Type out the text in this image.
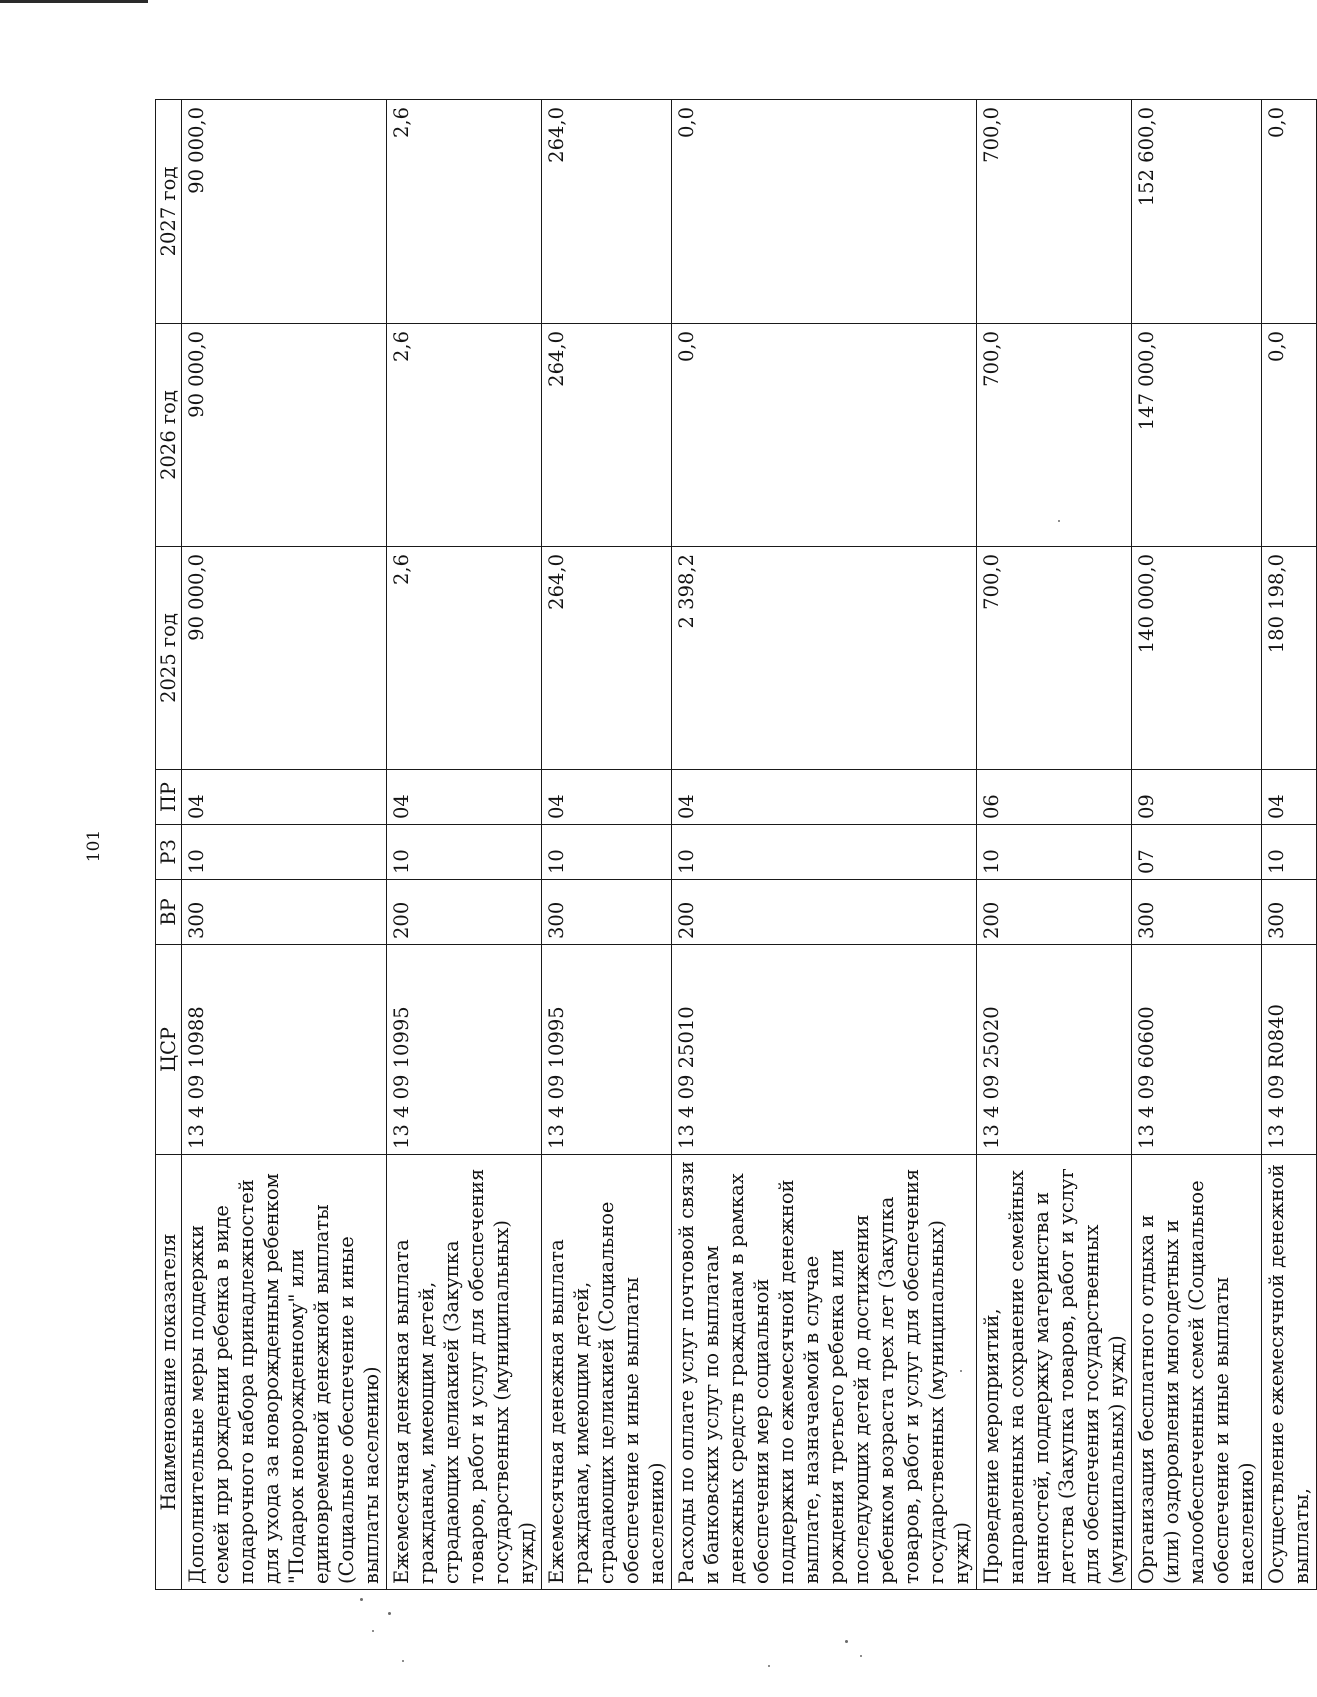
101
Наименование показателя	ЦСР	ВР	РЗ	ПР	2025 год	2026 год	2027 год
Дополнительные меры поддержки семей при рождении ребенка в виде подарочного набора принадлежностей для ухода за новорожденным ребенком "Подарок новорожденному" или единовременной денежной выплаты (Социальное обеспечение и иные выплаты населению)	13 4 09 10988	300	10	04	90 000,0	90 000,0	90 000,0
Ежемесячная денежная выплата гражданам, имеющим детей, страдающих целиакией (Закупка товаров, работ и услуг для обеспечения государственных (муниципальных) нужд)	13 4 09 10995	200	10	04	2,6	2,6	2,6
Ежемесячная денежная выплата гражданам, имеющим детей, страдающих целиакией (Социальное обеспечение и иные выплаты населению)	13 4 09 10995	300	10	04	264,0	264,0	264,0
Расходы по оплате услуг почтовой связи и банковских услуг по выплатам денежных средств гражданам в рамках обеспечения мер социальной поддержки по ежемесячной денежной выплате, назначаемой в случае рождения третьего ребенка или последующих детей до достижения ребенком возраста трех лет (Закупка товаров, работ и услуг для обеспечения государственных (муниципальных) нужд)	13 4 09 25010	200	10	04	2 398,2	0,0	0,0
Проведение мероприятий, направленных на сохранение семейных ценностей, поддержку материнства и детства (Закупка товаров, работ и услуг для обеспечения государственных (муниципальных) нужд)	13 4 09 25020	200	10	06	700,0	700,0	700,0
Организация бесплатного отдыха и (или) оздоровления многодетных и малообеспеченных семей (Социальное обеспечение и иные выплаты населению)	13 4 09 60600	300	07	09	140 000,0	147 000,0	152 600,0
Осуществление ежемесячной денежной выплаты,	13 4 09 R0840	300	10	04	180 198,0	0,0	0,0
